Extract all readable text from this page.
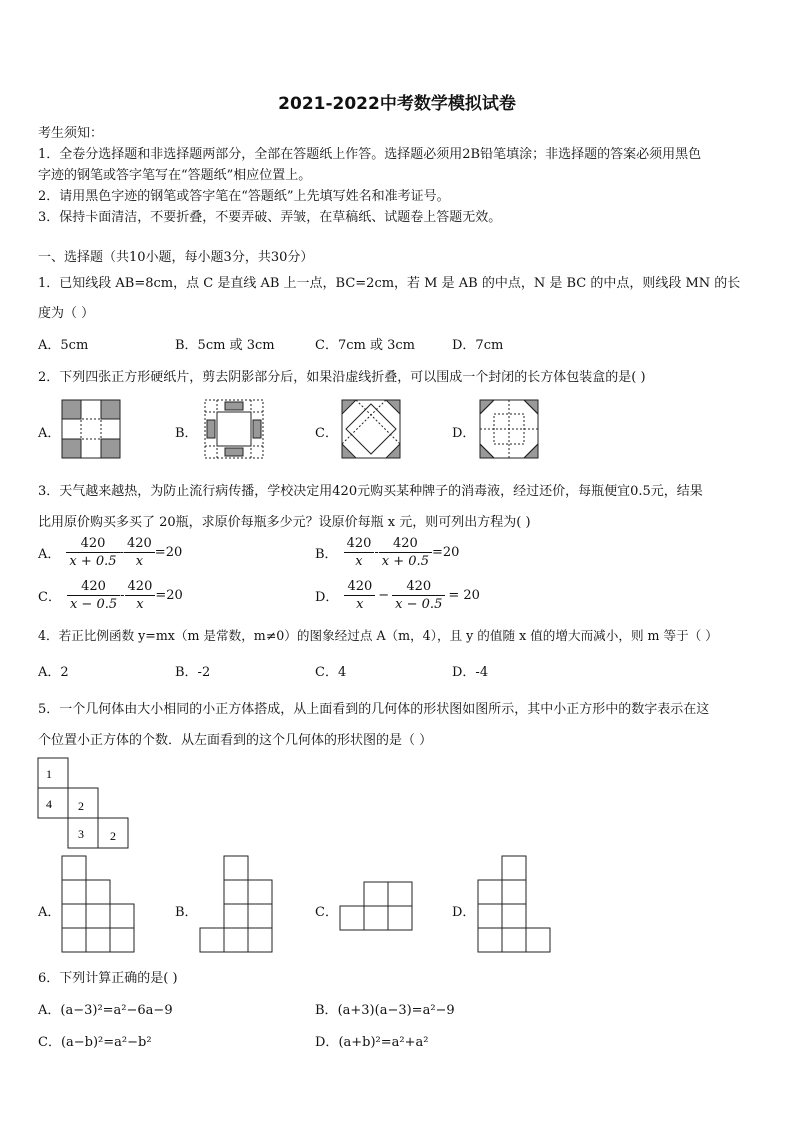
2021-2022中考数学模拟试卷
考生须知：
1．全卷分选择题和非选择题两部分，全部在答题纸上作答。选择题必须用2B铅笔填涂；非选择题的答案必须用黑色
字迹的钢笔或答字笔写在“答题纸”相应位置上。
2．请用黑色字迹的钢笔或答字笔在“答题纸”上先填写姓名和准考证号。
3．保持卡面清洁，不要折叠，不要弄破、弄皱，在草稿纸、试题卷上答题无效。
一、选择题（共10小题，每小题3分，共30分）
1．已知线段 AB=8cm，点 C 是直线 AB 上一点，BC=2cm，若 M 是 AB 的中点，N 是 BC 的中点，则线段 MN 的长
度为（ ）
A．5cm	B．5cm 或 3cm	C．7cm 或 3cm	D．7cm
2．下列四张正方形硬纸片，剪去阴影部分后，如果沿虚线折叠，可以围成一个封闭的长方体包装盒的是( )
A．	B．	C．	D．
3．天气越来越热，为防止流行病传播，学校决定用420元购买某种牌子的消毒液，经过还价，每瓶便宜0.5元，结果
比用原价购买多买了 20瓶，求原价每瓶多少元？设原价每瓶 x 元，则可列出方程为( )
A． $\frac{420}{x + 0.5} - \frac{420}{x} =20$	B． $\frac{420}{x} - \frac{420}{x + 0.5} =20$
C． $\frac{420}{x - 0.5} - \frac{420}{x} =20$	D． $\frac{420}{x} - \frac{420}{x - 0.5} = 20$
4．若正比例函数 y=mx（m 是常数，m≠0）的图象经过点 A（m，4），且 y 的值随 x 值的增大而减小，则 m 等于（ ）
A．2	B．-2	C．4	D．-4
5．一个几何体由大小相同的小正方体搭成，从上面看到的几何体的形状图如图所示，其中小正方形中的数字表示在这
个位置小正方体的个数．从左面看到的这个几何体的形状图的是（ ）
1
4 2
3 2
A．	B．	C．	D．
6．下列计算正确的是( )
A．(a−3)²=a²−6a−9	B．(a+3)(a−3)=a²−9
C．(a−b)²=a²−b²	D．(a+b)²=a²+a²
